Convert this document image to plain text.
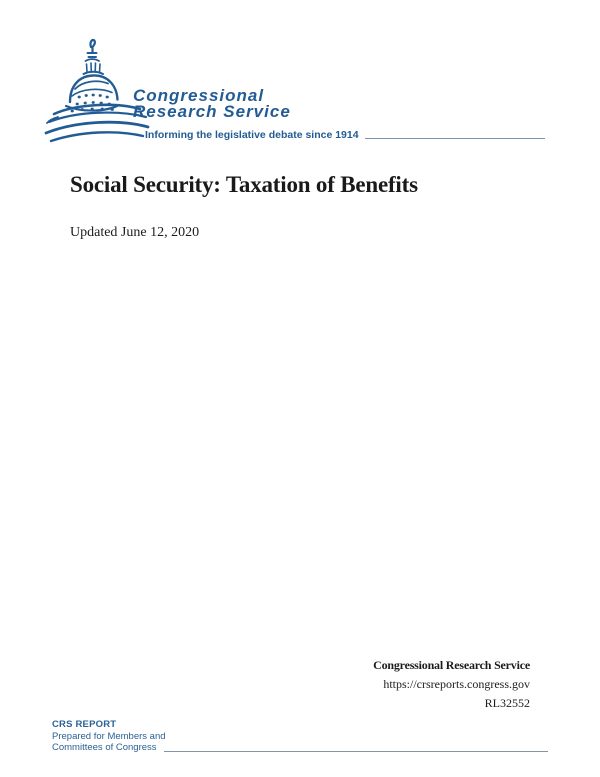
Congressional
Research Service
Informing the legislative debate since 1914
Social Security: Taxation of Benefits
Updated June 12, 2020
Congressional Research Service
https://crsreports.congress.gov
RL32552
CRS REPORT
Prepared for Members and
Committees of Congress
